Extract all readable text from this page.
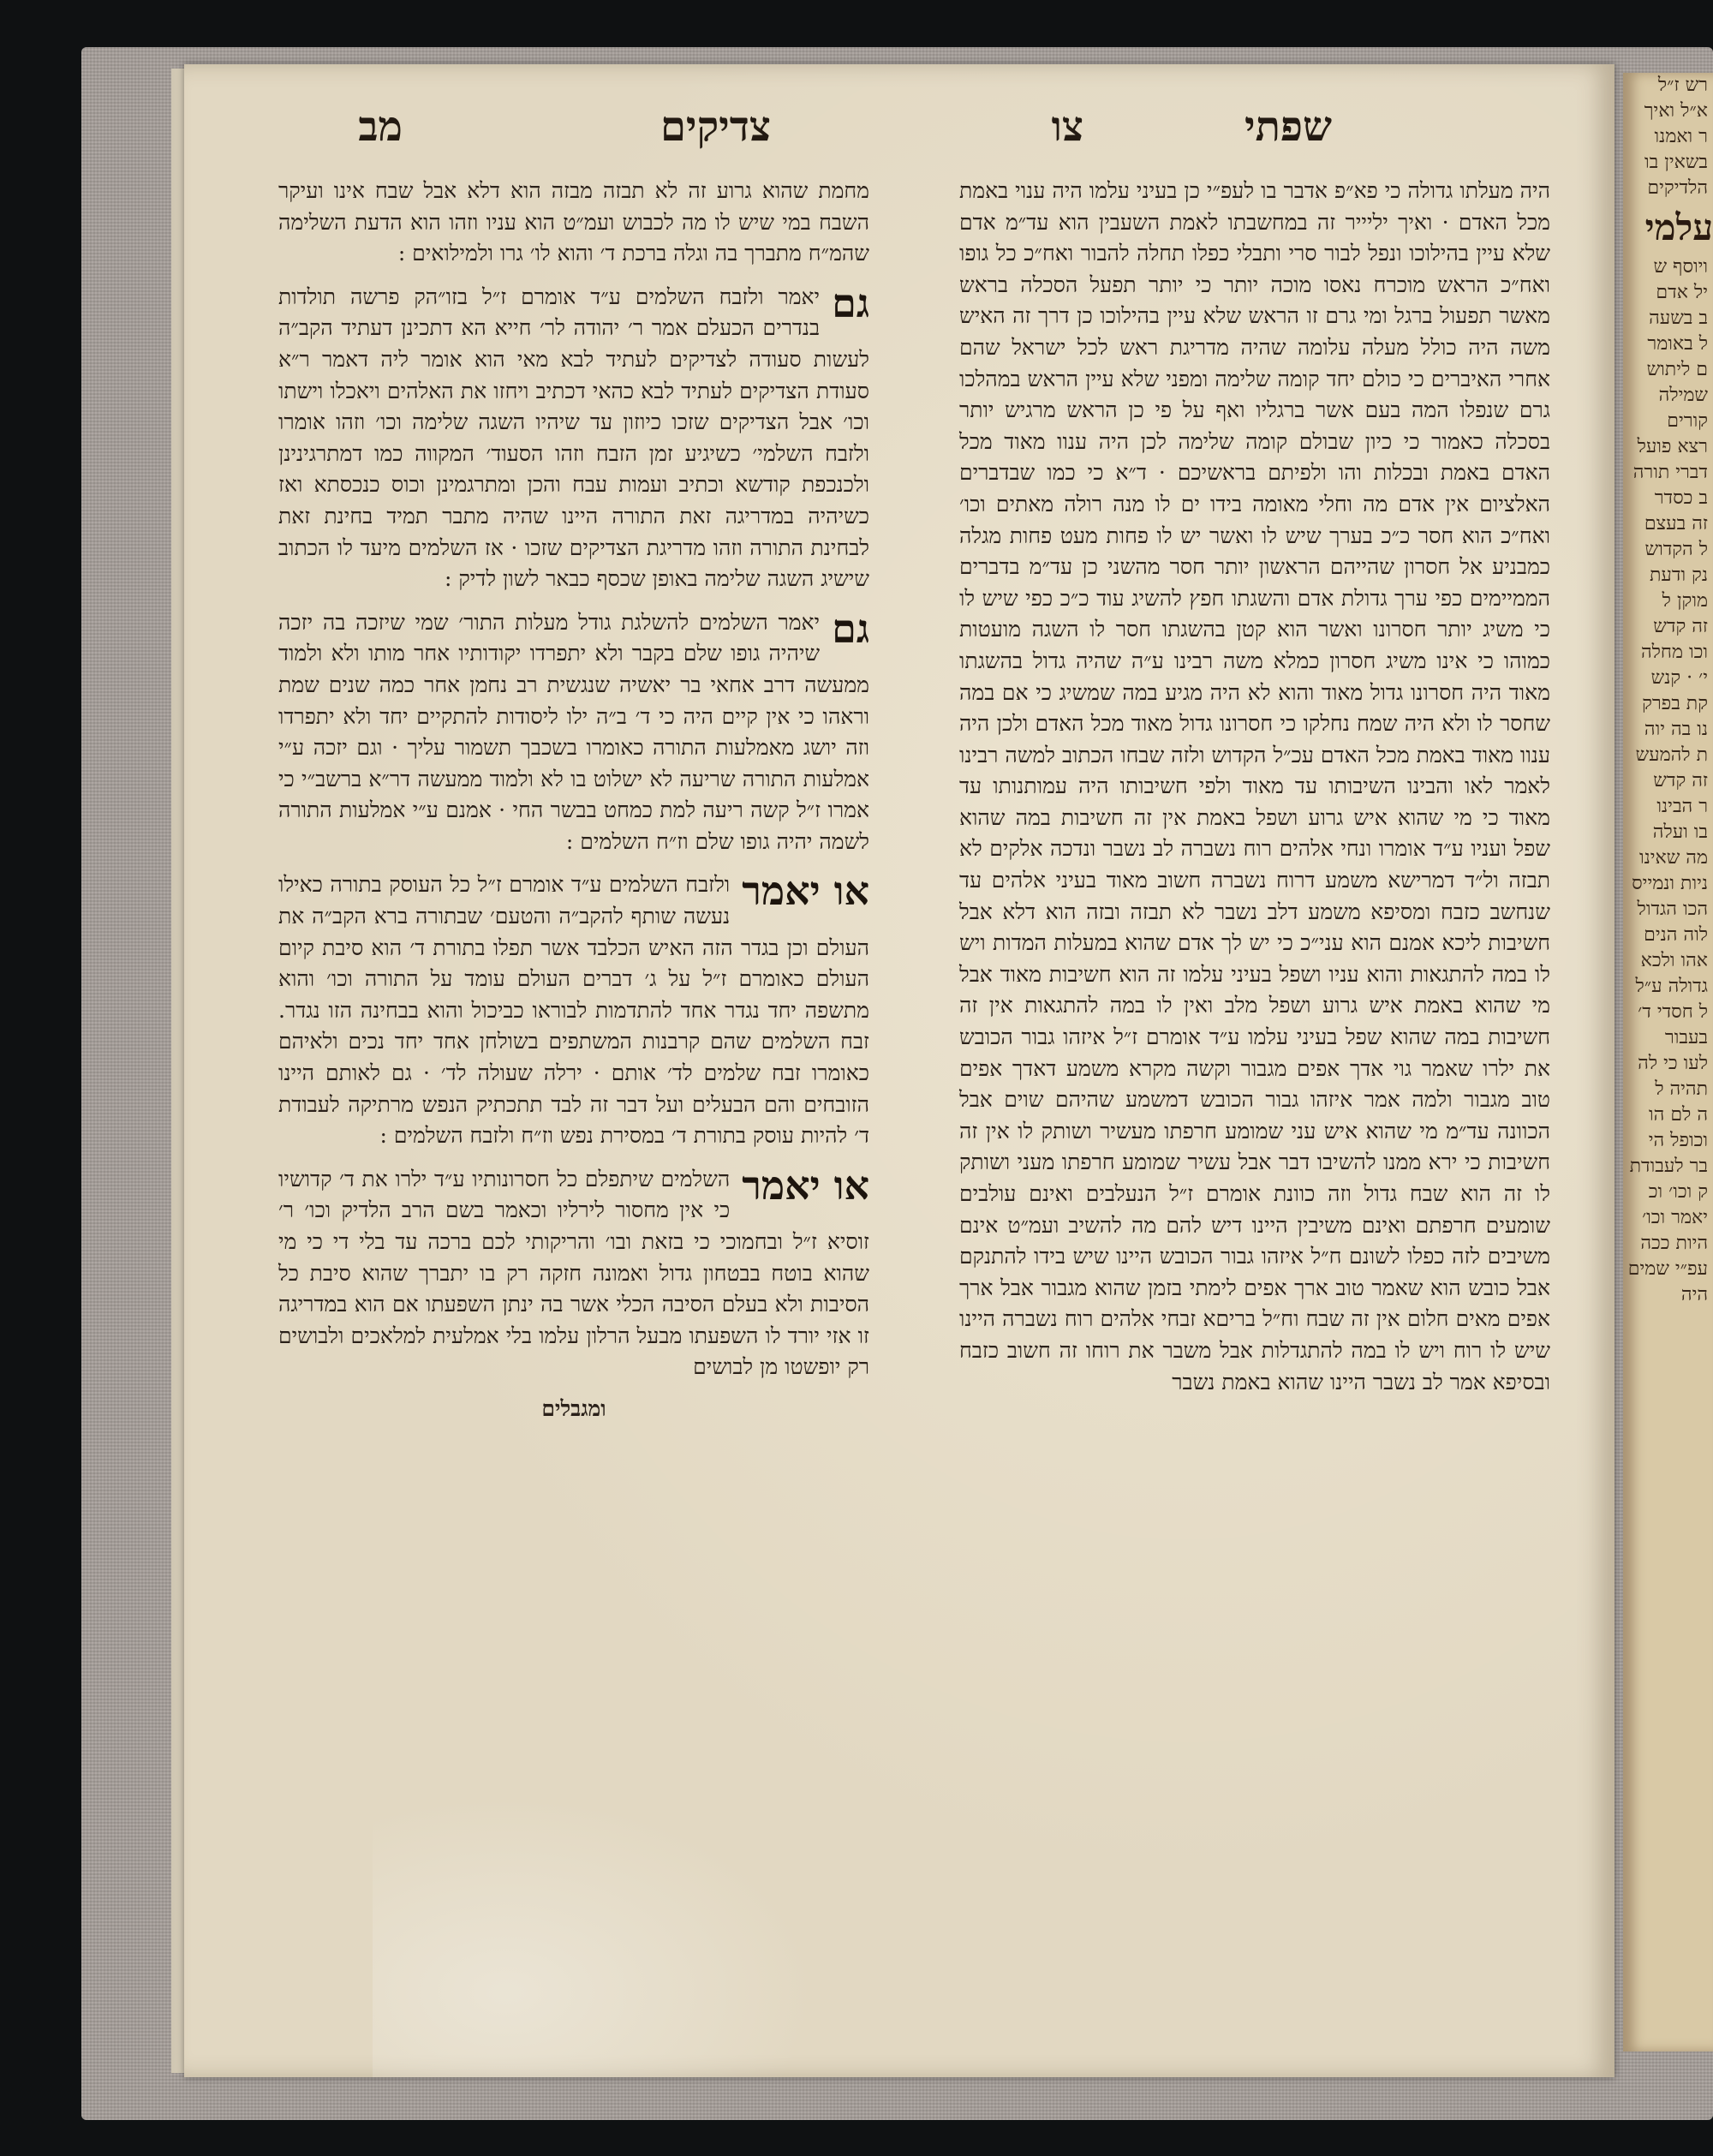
שפתי
צו
צדיקים
מב

היה מעלתו גדולה כי פא״פ אדבר בו לעפ״י כן בעיני עלמו היה ענוי באמת מכל האדם · ואיך יליייר זה במחשבתו לאמת השעבין הוא עד״מ אדם שלא עיין בהילוכו ונפל לבור סרי ותבלי כפלו תחלה להבור ואח״כ כל גופו ואח״כ הראש מוכרח נאסו מוכה יותר כי יותר תפעל הסכלה בראש מאשר תפעול ברגל ומי גרם זו הראש שלא עיין בהילוכו כן דרך זה האיש משה היה כולל מעלה עלומה שהיה מדריגת ראש לכל ישראל שהם אחרי האיברים כי כולם יחד קומה שלימה ומפני שלא עיין הראש במהלכו גרם שנפלו המה בעם אשר ברגליו ואף על פי כן הראש מרגיש יותר בסכלה כאמור כי כיון שבולם קומה שלימה לכן היה ענוו מאוד מכל האדם באמת ובכלות והו ולפיתם בראשיכם · ד״א כי כמו שבדברים האלציום אין אדם מה וחלי מאומה בידו ים לו מנה רולה מאתים וכו׳ ואח״כ הוא חסר כ״כ בערך שיש לו ואשר יש לו פחות מעט פחות מגלה כמבניע אל חסרון שהייהם הראשון יותר חסר מהשני כן עד״מ בדברים הממיימים כפי ערך גדולת אדם והשגתו חפץ להשיג עוד כ״כ כפי שיש לו כי משיג יותר חסרונו ואשר הוא קטן בהשגתו חסר לו השגה מועטות כמוהו כי אינו משיג חסרון כמלא משה רבינו ע״ה שהיה גדול בהשגתו מאוד היה חסרונו גדול מאוד והוא לא היה מגיע במה שמשיג כי אם במה שחסר לו ולא היה שמח נחלקו כי חסרונו גדול מאוד מכל האדם ולכן היה ענוו מאוד באמת מכל האדם עכ״ל הקדוש ולזה שבחו הכתוב למשה רבינו לאמר לאו והבינו השיבותו עד מאוד ולפי חשיבותו היה עמותנותו עד מאוד כי מי שהוא איש גרוע ושפל באמת אין זה חשיבות במה שהוא שפל ועניו ע״ד אומרו ונחי אלהים רוח נשברה לב נשבר ונדכה אלקים לא תבזה ול״ד דמרישא משמע דרוח נשברה חשוב מאוד בעיני אלהים עד שנחשב כזבח ומסיפא משמע דלב נשבר לא תבזה ובזה הוא דלא אבל חשיבות ליכא אמנם הוא עני״כ כי יש לך אדם שהוא במעלות המדות ויש לו במה להתגאות והוא עניו ושפל בעיני עלמו זה הוא חשיבות מאוד אבל מי שהוא באמת איש גרוע ושפל מלב ואין לו במה להתגאות אין זה חשיבות במה שהוא שפל בעיני עלמו ע״ד אומרם ז״ל איזהו גבור הכובש את ילרו שאמר גוי אדך אפים מגבור וקשה מקרא משמע דאדך אפים טוב מגבור ולמה אמר איזהו גבור הכובש דמשמע שהיהם שוים אבל הכוונה עד״מ מי שהוא איש עני שמומע חרפתו מעשיר ושותק לו אין זה חשיבות כי ירא ממנו להשיבו דבר אבל עשיר שמומע חרפתו מעני ושותק לו זה הוא שבח גדול וזה כוונת אומרם ז״ל הנעלבים ואינם עולבים שומעים חרפתם ואינם משיבין היינו דיש להם מה להשיב ועמ״ט אינם משיבים לזה כפלו לשונם ח״ל איזהו גבור הכובש היינו שיש בידו להתנקם אבל כובש הוא שאמר טוב ארך אפים לימתי בזמן שהוא מגבור אבל ארך אפים מאים חלום אין זה שבח וח״ל בריםא זבחי אלהים רוח נשברה היינו שיש לו רוח ויש לו במה להתגדלות אבל משבר את רוחו זה חשוב כזבח ובסיפא אמר לב נשבר היינו שהוא באמת נשבר

מחמת שהוא גרוע זה לא תבזה מבזה הוא דלא אבל שבח אינו ועיקר השבח במי שיש לו מה לכבוש ועמ״ט הוא עניו וזהו הוא הדעת השלימה שהמ״ח מתברך בה וגלה ברכת ד׳ והוא לו׳ גרו ולמילואים :

גם
יאמר ולזבח השלמים ע״ד אומרם ז״ל בזו״הק פרשה תולדות בנדרים הכעלם אמר ר׳ יהודה לר׳ חייא הא דתכינן דעתיד הקב״ה לעשות סעודה לצדיקים לעתיד לבא מאי הוא אומר ליה דאמר ר״א סעודת הצדיקים לעתיד לבא כהאי דכתיב ויחזו את האלהים ויאכלו וישתו וכו׳ אבל הצדיקים שזכו כיוזון עד שיהיו השגה שלימה וכו׳ וזהו אומרו ולזבח השלמי׳ כשיגיע זמן הזבח וזהו הסעוד׳ המקווה כמו דמתרגינינן ולכנכפת קודשא וכתיב ועמות עבח והכן ומתרגמינן וכוס כנכסתא ואז כשיהיה במדריגה זאת התורה היינו שהיה מתבר תמיד בחינת זאת לבחינת התורה וזהו מדריגת הצדיקים שזכו · אז השלמים מיעד לו הכתוב שישיג השגה שלימה באופן שכסף כבאר לשון לדיק :

גם
יאמר השלמים להשלגת גודל מעלות התור׳ שמי שיזכה בה יזכה שיהיה גופו שלם בקבר ולא יתפרדו יקודותיו אחר מותו ולא ולמוד ממעשה דרב אחאי בר יאשיה שנגשית רב נחמן אחר כמה שנים שמת וראהו כי אין קיים היה כי ד׳ ב״ה ילו ליסודות להתקיים יחד ולא יתפרדו וזה יושג מאמלעות התורה כאומרו בשכבך תשמור עליך · וגם יזכה ע״י אמלעות התורה שריעה לא ישלוט בו לא ולמוד ממעשה דר״א ברשב״י כי אמרו ז״ל קשה ריעה למת כמחט בבשר החי · אמנם ע״י אמלעות התורה לשמה יהיה גופו שלם וז״ח השלמים :

או יאמר
ולזבח השלמים ע״ד אומרם ז״ל כל העוסק בתורה כאילו נעשה שותף להקב״ה והטעם׳ שבתורה ברא הקב״ה את העולם וכן בגדר הזה האיש הכלבד אשר תפלו בתורת ד׳ הוא סיבת קיום העולם כאומרם ז״ל על ג׳ דברים העולם עומד על התורה וכו׳ והוא מתשפה יחד נגדר אחד להתדמות לבוראו כביכול והוא בבחינה הזו נגדר. זבח השלמים שהם קרבנות המשתפים בשולחן אחד יחד נכים ולאיהם כאומרו זבח שלמים לד׳ אותם · ירלה שעולה לד׳ · גם לאותם היינו הזובחים והם הבעלים ועל דבר זה לבד תתכתיק הנפש מרתיקה לעבודת ד׳ להיות עוסק בתורת ד׳ במסירת נפש וז״ח ולזבח השלמים :

או יאמר
השלמים שיתפלם כל חסרונותיו ע״ד ילרו את ד׳ קדושיו כי אין מחסור לירליו וכאמר בשם הרב הלדיק וכו׳ ר׳ זוסיא ז״ל ובחמוכי כי בזאת ובו׳ והריקותי לכם ברכה עד בלי די כי מי שהוא בוטח בבטחון גדול ואמונה חזקה רק בו יתברך שהוא סיבת כל הסיבות ולא בעלם הסיבה הכלי אשר בה ינתן השפעתו אם הוא במדריגה זו אזי יורד לו השפעתו מבעל הרלון עלמו בלי אמלעית למלאכים ולבושים רק יופשטו מן לבושים

ומגבלים
רש ז״ל
א״ל ואיך
ר ואמנו
בשאין בו
הלדיקים
עלמי
ויוסף ש
יל אדם
ב בשעה
ל באומר
ם ליתוש
שמילה
קורים
רצא פועל
דברי תורה
ב כסדר
זה בעצם
ל הקדוש
נק ודעת
מוקן ל
זה קדש
וכו מחלה
י׳ · קנש
קת בפרק
נו בה יוה
ת להמעש
זה קדש
ר הבינו
בו ועלה
מה שאינו
ניות ונמייס
הכו הגדול
לוה הנים
אהו ולכא
גדולה ע״ל
ל חסדי ד׳
בעבור
לעו כי לה
תהיה ל
ה לם הו
וכופל הי
בר לעבודת
ק וכו׳ וכ
יאמר וכו׳
היות ככה
עפ״י שמים
היה
